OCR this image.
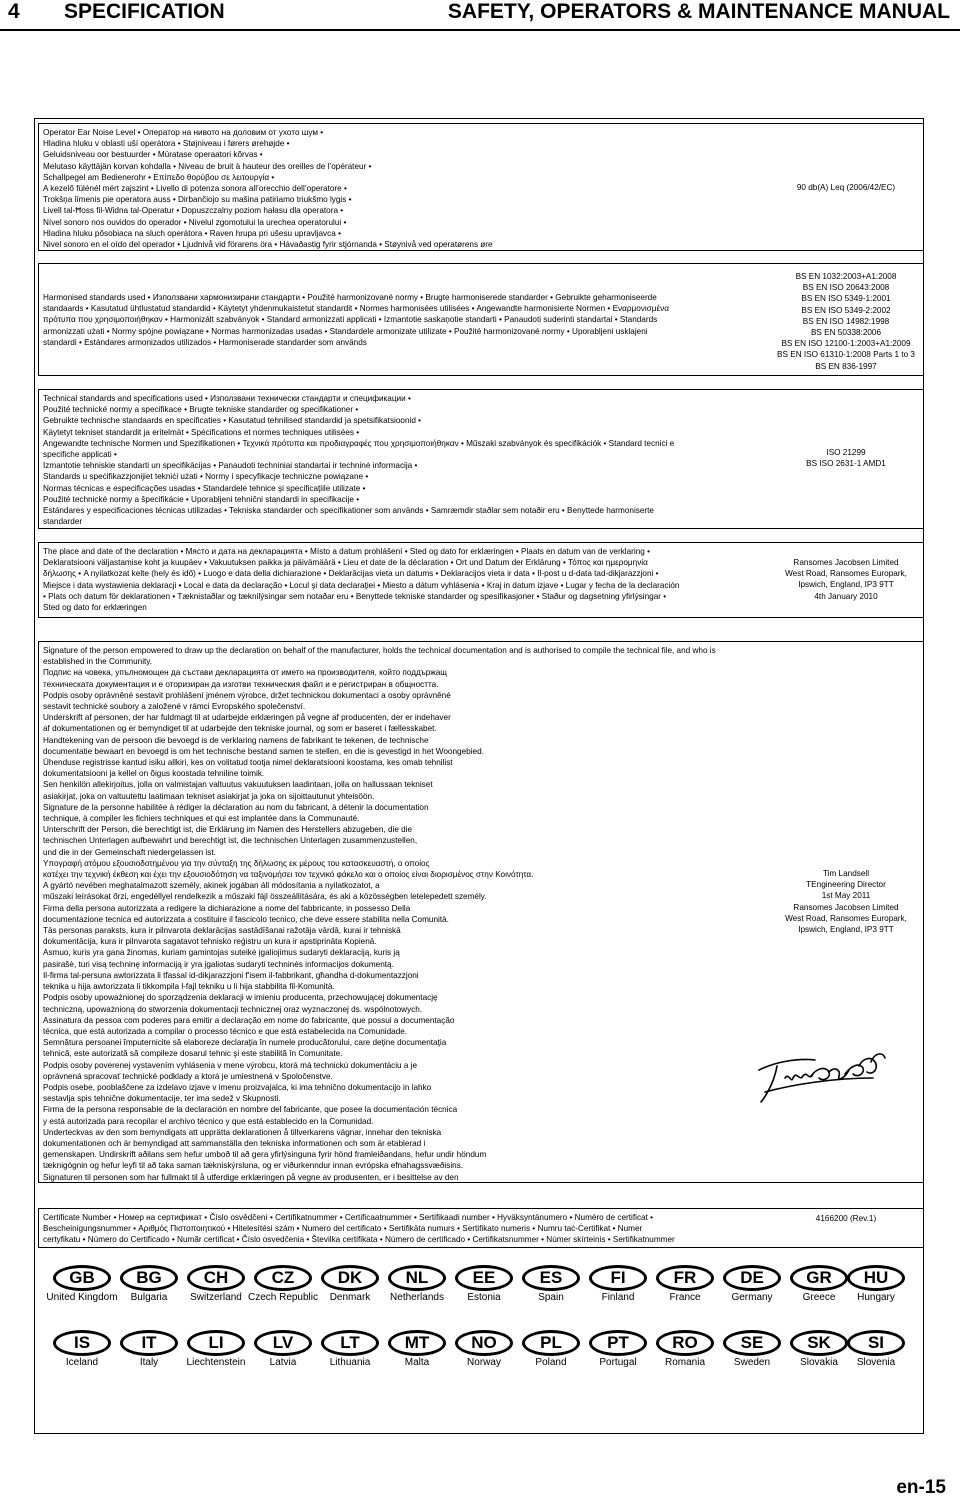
4 SPECIFICATION	SAFETY, OPERATORS & MAINTENANCE MANUAL
Operator Ear Noise Level • Оператор на нивото на доловим от ухото шум •
Hladina hluku v oblasti uší operátora • Støjniveau i førers ørehøjde •
Geluidsniveau oor bestuurder • Müratase operaatori kõrvas •
Melutaso käyttäjän korvan kohdalla • Niveau de bruit à hauteur des oreilles de l’opérateur •
Schallpegel am Bedienerohr • Επίπεδο θορύβου σε λειτουργία •
A kezelő fülénél mért zajszint • Livello di potenza sonora all’orecchio dell’operatore •
Trokšņa līmenis pie operatora auss • Dirbančiojo su mašina patiriamo triukšmo lygis •
Livell tal-Ħoss fil-Widna tal-Operatur • Dopuszczalny poziom hałasu dla operatora •
Nível sonoro nos ouvidos do operador • Nivelul zgomotului la urechea operatorului •
Hladina hluku pôsobiaca na sluch operátora • Raven hrupa pri ušesu upravljavca •
Nivel sonoro en el oído del operador • Ljudnivå vid förarens öra • Hávaðastig fyrir stjórnanda • Støynivå ved operatørens øre
90 db(A) Leq (2006/42/EC)
Harmonised standards used • Използвани хармонизирани стандарти • Použité harmonizované normy • Brugte harmoniserede standarder • Gebruikte geharmoniseerde
standaards • Kasutatud ühtlustatud standardid • Käytetyt yhdenmukaistetut standardit • Normes harmonisées utilisées • Angewandte harmonisierte Normen • Εναρμονισμένα
πρότυπα που χρησιμοποιήθηκαν • Harmonizált szabványok • Standard armonizzati applicati • Izmantotie saskaņotie standarti • Panaudoti suderinti standartai • Standards
armonizzati użati • Normy spójne powiązane • Normas harmonizadas usadas • Standardele armonizate utilizate • Použité harmonizované normy • Uporabljeni usklajeni
standardi • Estándares armonizados utilizados • Harmoniserade standarder som används
BS EN 1032:2003+A1:2008
BS EN ISO 20643:2008
BS EN ISO 5349-1:2001
BS EN ISO 5349-2:2002
BS EN ISO 14982:1998
BS EN 50338:2006
BS EN ISO 12100-1:2003+A1:2009
BS EN ISO 61310-1:2008 Parts 1 to 3
BS EN 836-1997
Technical standards and specifications used • Използвани технически стандарти и спецификации •
Použité technické normy a specifikace • Brugte tekniske standarder og specifikationer •
Gebruikte technische standaards en specificaties • Kasutatud tehnilised standardid ja spetsifikatsioonid •
Käytetyt tekniset standardit ja eritelmät • Spécifications et normes techniques utilisées •
Angewandte technische Normen und Spezifikationen • Τεχνικά πρότυπα και προδιαγραφές που χρησιμοποιήθηκαν • Műszaki szabványok és specifikációk • Standard tecnici e
specifiche applicati •
Izmantotie tehniskie standarti un specifikācijas • Panaudoti techniniai standartai ir techninė informacija •
Standards u speċifikazzjonijiet tekniċi użati • Normy i specyfikacje techniczne powiązane •
Normas técnicas e especificações usadas • Standardele tehnice şi specificaţiile utilizate •
Použité technické normy a špecifikácie • Uporabljeni tehnični standardi in specifikacije •
Estándares y especificaciones técnicas utilizadas • Tekniska standarder och specifikationer som används • Samræmdir staðlar sem notaðir eru • Benyttede harmoniserte
standarder
ISO 21299
BS ISO 2631-1 AMD1
The place and date of the declaration • Място и дата на декларацията • Místo a datum prohlášení • Sted og dato for erklæringen • Plaats en datum van de verklaring •
Deklaratsiooni väljastamise koht ja kuupäev • Vakuutuksen paikka ja päivämäärä • Lieu et date de la déclaration • Ort und Datum der Erklärung • Τόπος και ημερομηνία
δήλωσης • A nyilatkozat kelte (hely és idő) • Luogo e data della dichiarazione • Deklarācijas vieta un datums • Deklaracijos vieta ir data • Il-post u d-data tad-dikjarazzjoni •
Miejsce i data wystawienia deklaracji • Local e data da declaração • Locul şi data declaraţiei • Miesto a dátum vyhlásenia • Kraj in datum izjave • Lugar y fecha de la declaración
• Plats och datum för deklarationen • Tæknistaðlar og tæknilýsingar sem notaðar eru • Benyttede tekniske standarder og spesifikasjoner • Staður og dagsetning yfirlýsingar •
Sted og dato for erklæringen
Ransomes Jacobsen Limited
West Road, Ransomes Europark,
Ipswich, England, IP3 9TT
4th January 2010
Signature of the person empowered to draw up the declaration on behalf of the manufacturer, holds the technical documentation and is authorised to compile the technical file, and who is
established in the Community.
Подпис на човека, упълномощен да състави декларацията от името на производителя, който поддържащ
техническата документация и е оторизиран да изготви техническия файл и е регистриран в общността.
Podpis osoby oprávněné sestavit prohlášení jménem výrobce, držet technickou dokumentaci a osoby oprávněné
sestavit technické soubory a založené v rámci Evropského společenství.
Underskrift af personen, der har fuldmagt til at udarbejde erklæringen på vegne af producenten, der er indehaver
af dokumentationen og er bemyndiget til at udarbejde den tekniske journal, og som er baseret i fællesskabet.
Handtekening van de persoon die bevoegd is de verklaring namens de fabrikant te tekenen, de technische
documentatie bewaart en bevoegd is om het technische bestand samen te stellen, en die is gevestigd in het Woongebied.
Ühenduse registrisse kantud isiku allkiri, kes on volitatud tootja nimel deklaratsiooni koostama, kes omab tehnilist
dokumentatsiooni ja kellel on õigus koostada tehniline toimik.
Sen henkilön allekirjoitus, jolla on valmistajan valtuutus vakuutuksen laadintaan, jolla on hallussaan tekniset
asiakirjat, joka on valtuutettu laatimaan tekniset asiakirjat ja joka on sijoittautunut yhteisöön.
Signature de la personne habilitée à rédiger la déclaration au nom du fabricant, à détenir la documentation
technique, à compiler les fichiers techniques et qui est implantée dans la Communauté.
Unterschrift der Person, die berechtigt ist, die Erklärung im Namen des Herstellers abzugeben, die die
technischen Unterlagen aufbewahrt und berechtigt ist, die technischen Unterlagen zusammenzustellen,
und die in der Gemeinschaft niedergelassen ist.
Υπογραφή ατόμου εξουσιοδοτημένου για την σύνταξη της δήλωσης εκ μέρους του κατασκευαστή, ο οποίος
κατέχει την τεχνική έκθεση και έχει την εξουσιοδότηση να ταξινομήσει τον τεχνικό φάκελο και ο οποίος είναι διορισμένος στην Κοινότητα.
A gyártó nevében meghatalmazott személy, akinek jogában áll módosítania a nyilatkozatot, a
műszaki leírásokat őrzi, engedéllyel rendelkezik a műszaki fájl összeállítására, és aki a közösségben letelepedett személy.
Firma della persona autorizzata a redigere la dichiarazione a nome del fabbricante, in possesso Della
documentazione tecnica ed autorizzata a costituire il fascicolo tecnico, che deve essere stabilita nella Comunità.
Tās personas paraksts, kura ir pilnvarota deklarācijas sastādīšanai ražotāja vārdā, kurai ir tehniskā
dokumentācija, kura ir pilnvarota sagatavot tehnisko reģistru un kura ir apstiprināta Kopienā.
Asmuo, kuris yra gana žinomas, kuriam gamintojas suteikė įgaliojimus sudaryti deklaraciją, kuris ją
pasirašė, turi visą techninę informaciją ir yra įgaliotas sudaryti techninės informacijos dokumentą.
Il-firma tal-persuna awtorizzata li tfassal id-dikjarazzjoni f'isem il-fabbrikant, għandha d-dokumentazzjoni
teknika u hija awtorizzata li tikkompila l-fajl tekniku u li hija stabbilita fil-Komunità.
Podpis osoby upoważnionej do sporządzenia deklaracji w imieniu producenta, przechowującej dokumentację
techniczną, upoważnioną do stworzenia dokumentacji technicznej oraz wyznaczonej ds. wspólnotowych.
Assinatura da pessoa com poderes para emitir a declaração em nome do fabricante, que possui a documentação
técnica, que está autorizada a compilar o processo técnico e que está estabelecida na Comunidade.
Semnătura persoanei împuternicite să elaboreze declaraţia în numele producătorului, care deţine documentaţia
tehnică, este autorizată să compileze dosarul tehnic şi este stabilită în Comunitate.
Podpis osoby poverenej vystavením vyhlásenia v mene výrobcu, ktorá má technickú dokumentáciu a je
oprávnená spracovať technické podklady a ktorá je umiestnená v Spoločenstve.
Podpis osebe, pooblaščene za izdelavo izjave v imenu proizvajalca, ki ima tehnično dokumentacijo in lahko
sestavlja spis tehnične dokumentacije, ter ima sedež v Skupnosti.
Firma de la persona responsable de la declaración en nombre del fabricante, que posee la documentación técnica
y está autorizada para recopilar el archivo técnico y que está establecido en la Comunidad.
Underteckvas av den som bemyndigats att upprätta deklarationen å tillverkarens vägnar, innehar den tekniska
dokumentationen och är bemyndigad att sammanställa den tekniska informationen och som är etablerad i
gemenskapen. Undirskrift aðilans sem hefur umboð til að gera yfirlýsinguna fyrir hönd framleiðandans, hefur undir höndum
tæknigögnin og hefur leyfi til að taka saman tækniskýrsluna, og er viðurkenndur innan evrópska efnahagssvæðisins.
Signaturen til personen som har fullmakt til å utferdige erklæringen på vegne av produsenten, er i besittelse av den
Tim Landsell
TEngineering Director
1st May 2011
Ransomes Jacobsen Limited
West Road, Ransomes Europark,
Ipswich, England, IP3 9TT
Certificate Number • Номер на сертификат • Číslo osvědčení • Certifikatnummer • Certificaatnummer • Sertifikaadi number • Hyväksyntänumero • Numéro de certificat •
Bescheinigungsnummer • Αριθμός Πιστοποιητικού • Hitelesítési szám • Numero del certificato • Sertifikāta numurs • Sertifikato numeris • Numru taċ-Ċertifikat • Numer
certyfikatu • Número do Certificado • Număr certificat • Číslo osvedčenia • Številka certifikata • Número de certificado • Certifikatsnummer • Númer skírteinis • Sertifikatnummer
4166200 (Rev.1)
GB
United Kingdom
BG
Bulgaria
CH
Switzerland
CZ
Czech Republic
DK
Denmark
NL
Netherlands
EE
Estonia
ES
Spain
FI
Finland
FR
France
DE
Germany
GR
Greece
HU
Hungary
IS
Iceland
IT
Italy
LI
Liechtenstein
LV
Latvia
LT
Lithuania
MT
Malta
NO
Norway
PL
Poland
PT
Portugal
RO
Romania
SE
Sweden
SK
Slovakia
SI
Slovenia
en-15
